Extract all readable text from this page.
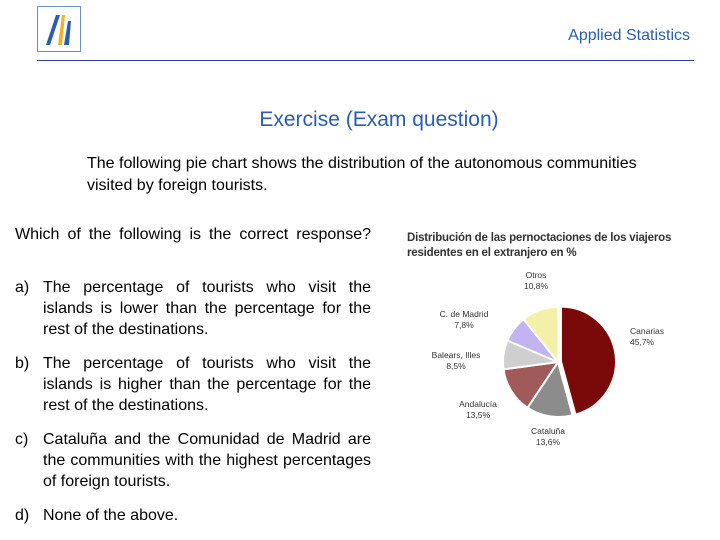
Applied Statistics
Exercise (Exam question)
The following pie chart shows the distribution of the autonomous communities visited by foreign tourists.
Which of the following is the correct response?
a) The percentage of tourists who visit the islands is lower than the percentage for the rest of the destinations.
b) The percentage of tourists who visit the islands is higher than the percentage for the rest of the destinations.
c) Cataluña and the Comunidad de Madrid are the communities with the highest percentages of foreign tourists.
d) None of the above.
Distribución de las pernoctaciones de los viajeros
residentes en el extranjero en %
Canarias
45,7%
Cataluña
13,6%
Andalucía
13,5%
Balears, Illes
8,5%
C. de Madrid
7,8%
Otros
10,8%
